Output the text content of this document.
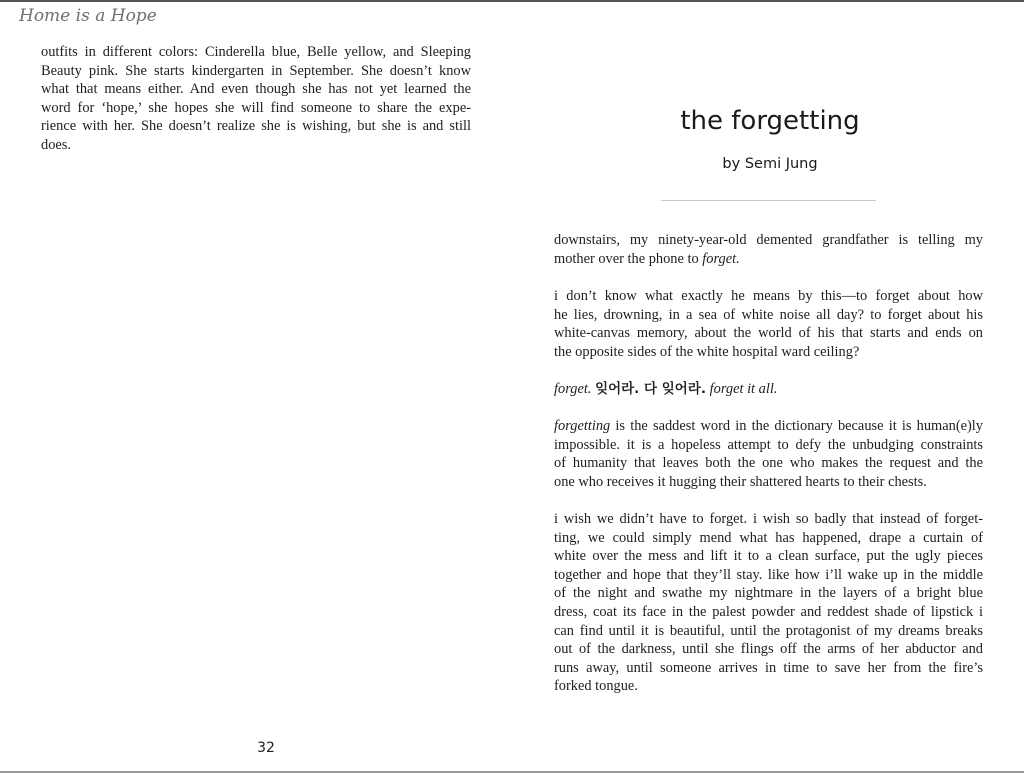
Home is a Hope

outfits in different colors: Cinderella blue, Belle yellow, and Sleeping
Beauty pink. She starts kindergarten in September. She doesn’t know
what that means either. And even though she has not yet learned the
word for ‘hope,’ she hopes she will find someone to share the expe-
rience with her. She doesn’t realize she is wishing, but she is and still
does.

32

the forgetting

by Semi Jung

downstairs, my ninety-year-old demented grandfather is telling my
mother over the phone to forget.
i don’t know what exactly he means by this—to forget about how
he lies, drowning, in a sea of white noise all day? to forget about his
white-canvas memory, about the world of his that starts and ends on
the opposite sides of the white hospital ward ceiling?
forget. 잊어라. 다 잊어라. forget it all.
forgetting is the saddest word in the dictionary because it is human(e)ly
impossible. it is a hopeless attempt to defy the unbudging constraints
of humanity that leaves both the one who makes the request and the
one who receives it hugging their shattered hearts to their chests.
i wish we didn’t have to forget. i wish so badly that instead of forget-
ting, we could simply mend what has happened, drape a curtain of
white over the mess and lift it to a clean surface, put the ugly pieces
together and hope that they’ll stay. like how i’ll wake up in the middle
of the night and swathe my nightmare in the layers of a bright blue
dress, coat its face in the palest powder and reddest shade of lipstick i
can find until it is beautiful, until the protagonist of my dreams breaks
out of the darkness, until she flings off the arms of her abductor and
runs away, until someone arrives in time to save her from the fire’s
forked tongue.
